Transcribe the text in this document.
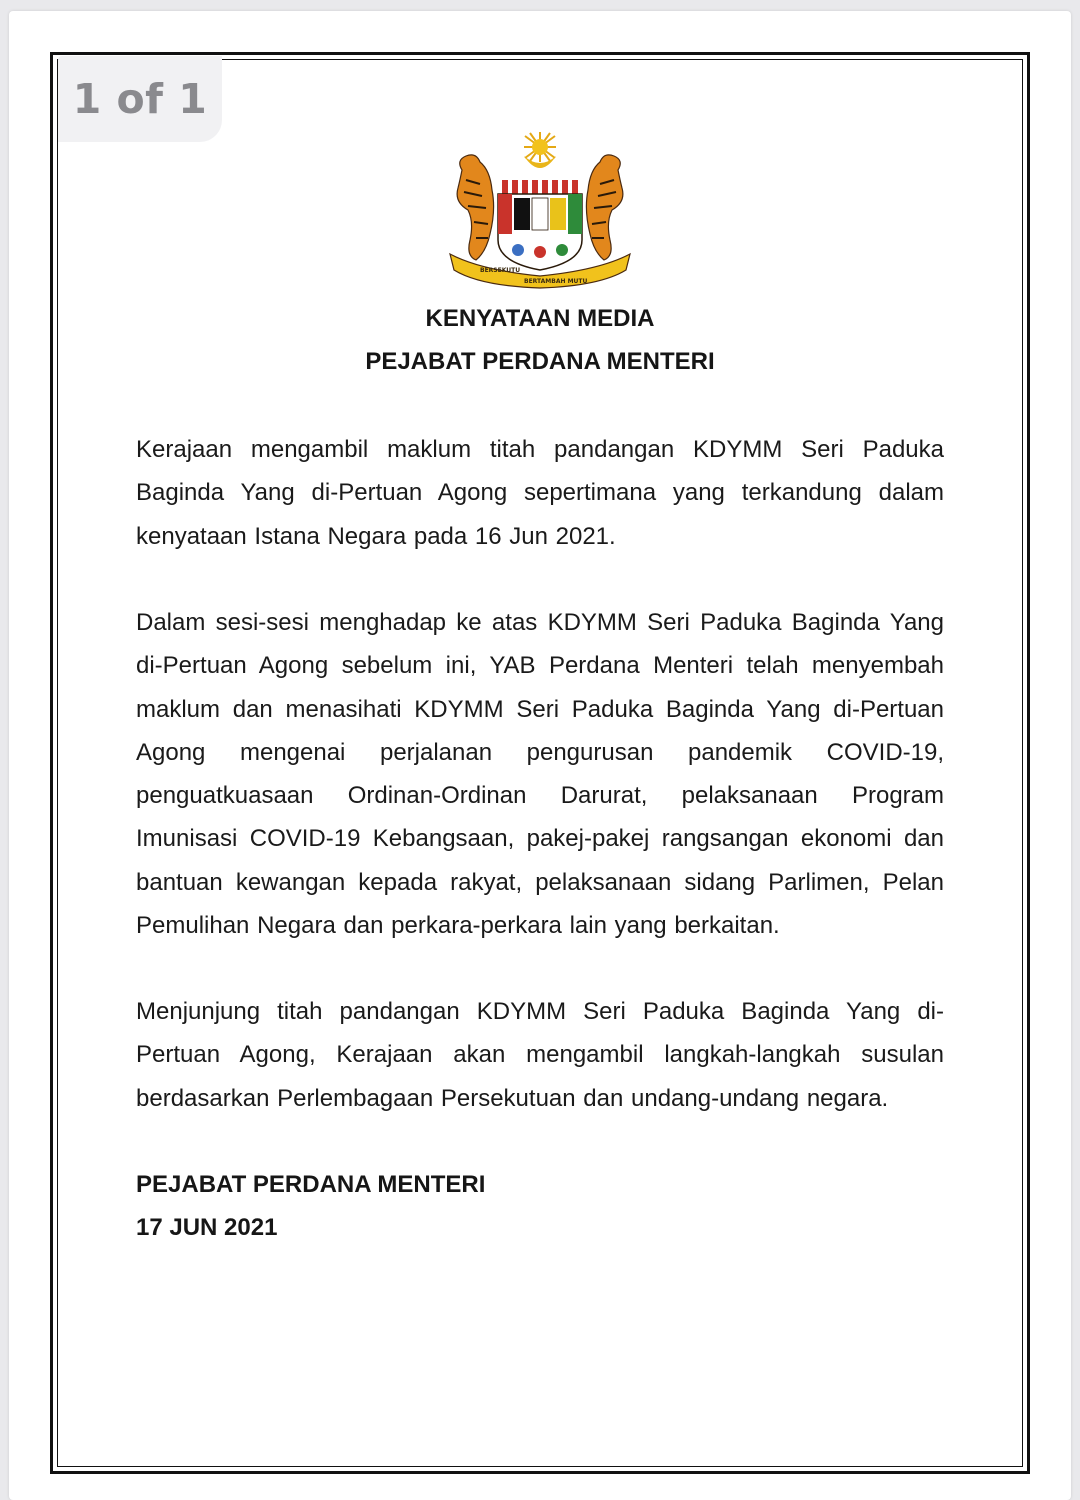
1 of 1
BERSEKUTU
BERTAMBAH MUTU

KENYATAAN MEDIA

PEJABAT PERDANA MENTERI

Kerajaan mengambil maklum titah pandangan KDYMM Seri Paduka Baginda Yang di-Pertuan Agong sepertimana yang terkandung dalam kenyataan Istana Negara pada 16 Jun 2021.

Dalam sesi-sesi menghadap ke atas KDYMM Seri Paduka Baginda Yang di-Pertuan Agong sebelum ini, YAB Perdana Menteri telah menyembah maklum dan menasihati KDYMM Seri Paduka Baginda Yang di-Pertuan Agong mengenai perjalanan pengurusan pandemik COVID-19, penguatkuasaan Ordinan-Ordinan Darurat, pelaksanaan Program Imunisasi COVID-19 Kebangsaan, pakej-pakej rangsangan ekonomi dan bantuan kewangan kepada rakyat, pelaksanaan sidang Parlimen, Pelan Pemulihan Negara dan perkara-perkara lain yang berkaitan.

Menjunjung titah pandangan KDYMM Seri Paduka Baginda Yang di-Pertuan Agong, Kerajaan akan mengambil langkah-langkah susulan berdasarkan Perlembagaan Persekutuan dan undang-undang negara.

PEJABAT PERDANA MENTERI

17 JUN 2021
